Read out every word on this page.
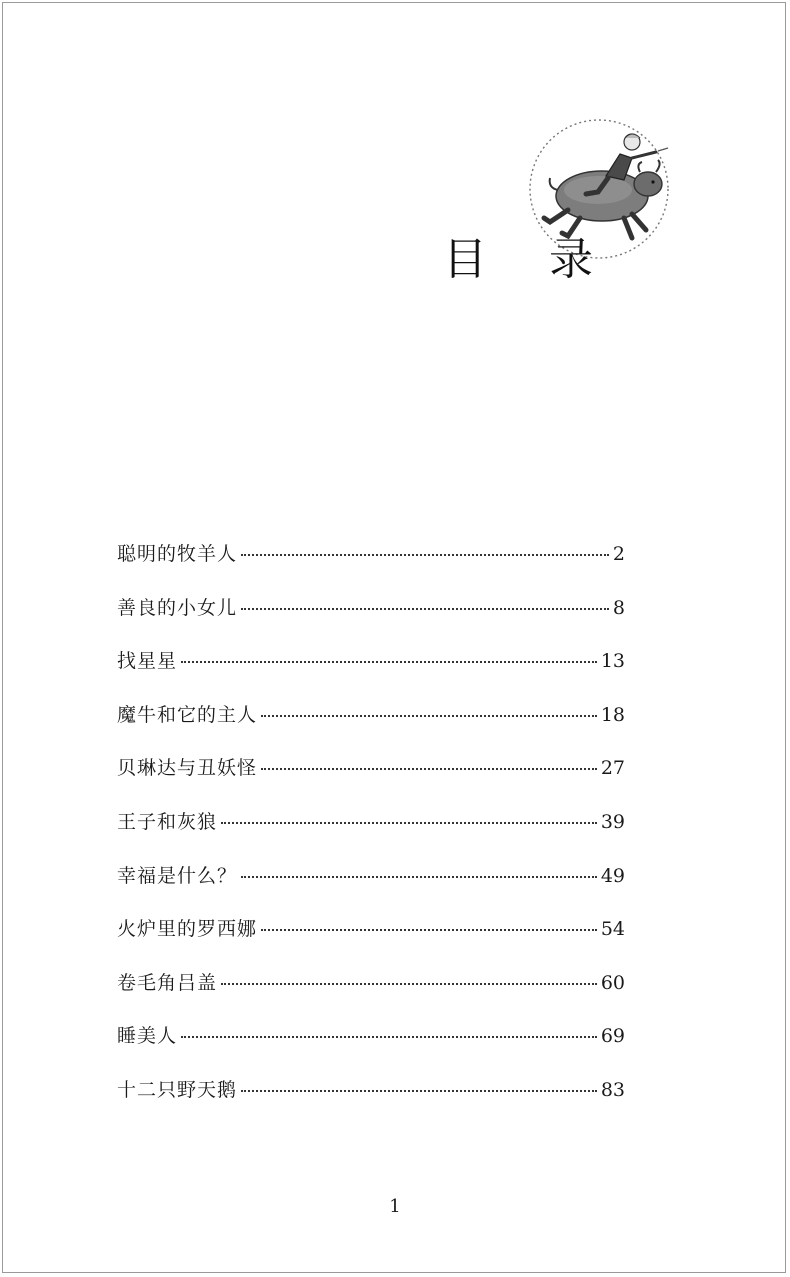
目 录
聪明的牧羊人	2
善良的小女儿	8
找星星	13
魔牛和它的主人	18
贝琳达与丑妖怪	27
王子和灰狼	39
幸福是什么？	49
火炉里的罗西娜	54
卷毛角吕盖	60
睡美人	69
十二只野天鹅	83
1
